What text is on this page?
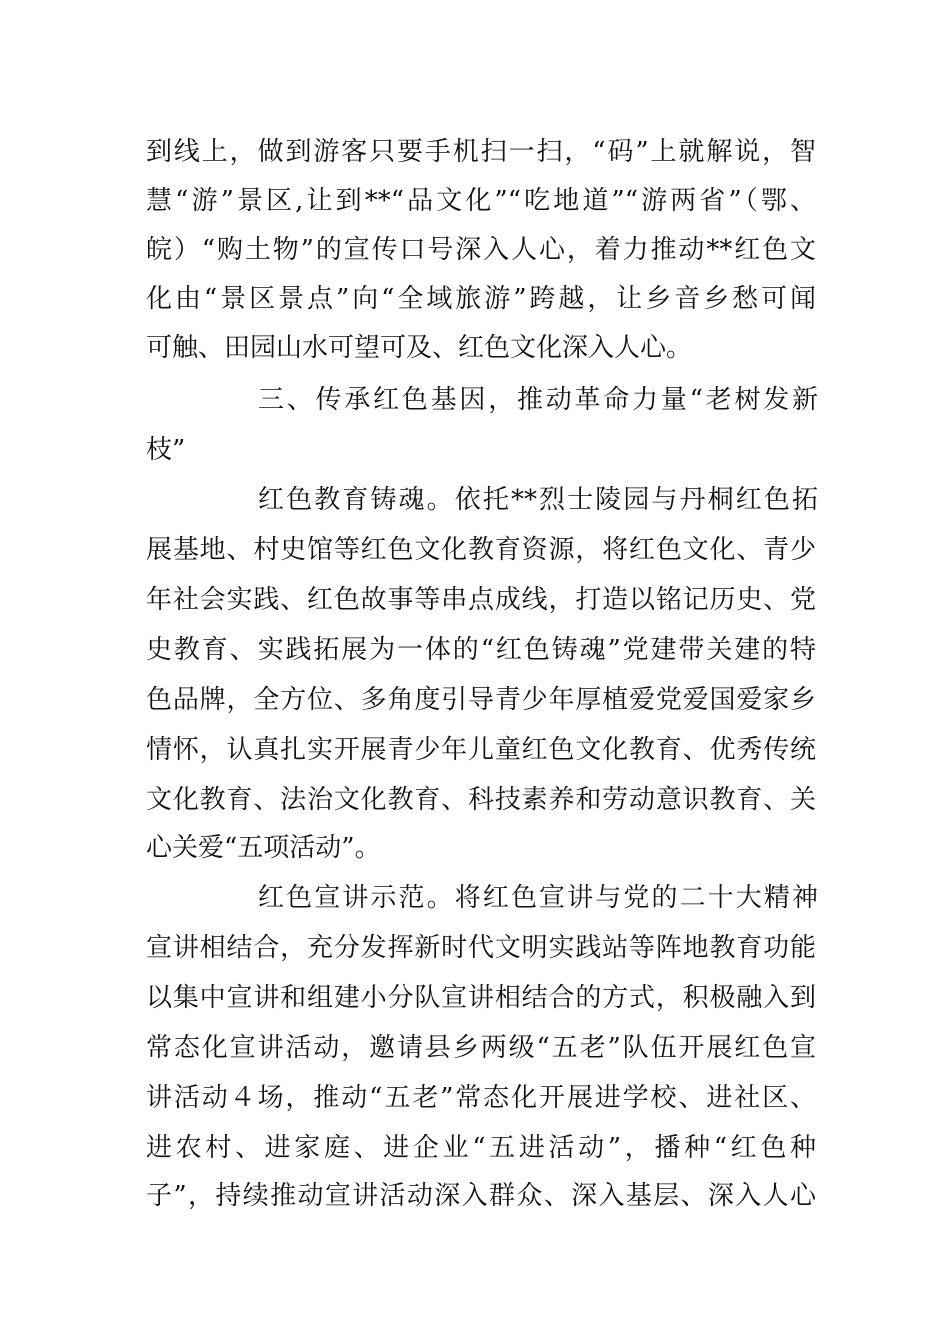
到线上，做到游客只要手机扫一扫，“码”上就解说，智
慧“游”景区,让到**“品文化”“吃地道”“游两省”（鄂、
皖）“购土物”的宣传口号深入人心，着力推动**红色文
化由“景区景点”向“全域旅游”跨越，让乡音乡愁可闻
可触、田园山水可望可及、红色文化深入人心。
三、传承红色基因，推动革命力量“老树发新
枝”
红色教育铸魂。依托**烈士陵园与丹桐红色拓
展基地、村史馆等红色文化教育资源，将红色文化、青少
年社会实践、红色故事等串点成线，打造以铭记历史、党
史教育、实践拓展为一体的“红色铸魂”党建带关建的特
色品牌，全方位、多角度引导青少年厚植爱党爱国爱家乡
情怀，认真扎实开展青少年儿童红色文化教育、优秀传统
文化教育、法治文化教育、科技素养和劳动意识教育、关
心关爱“五项活动”。
红色宣讲示范。将红色宣讲与党的二十大精神
宣讲相结合，充分发挥新时代文明实践站等阵地教育功能
以集中宣讲和组建小分队宣讲相结合的方式，积极融入到
常态化宣讲活动，邀请县乡两级“五老”队伍开展红色宣
讲活动４场，推动“五老”常态化开展进学校、进社区、
进农村、进家庭、进企业“五进活动”，播种“红色种
子”，持续推动宣讲活动深入群众、深入基层、深入人心
